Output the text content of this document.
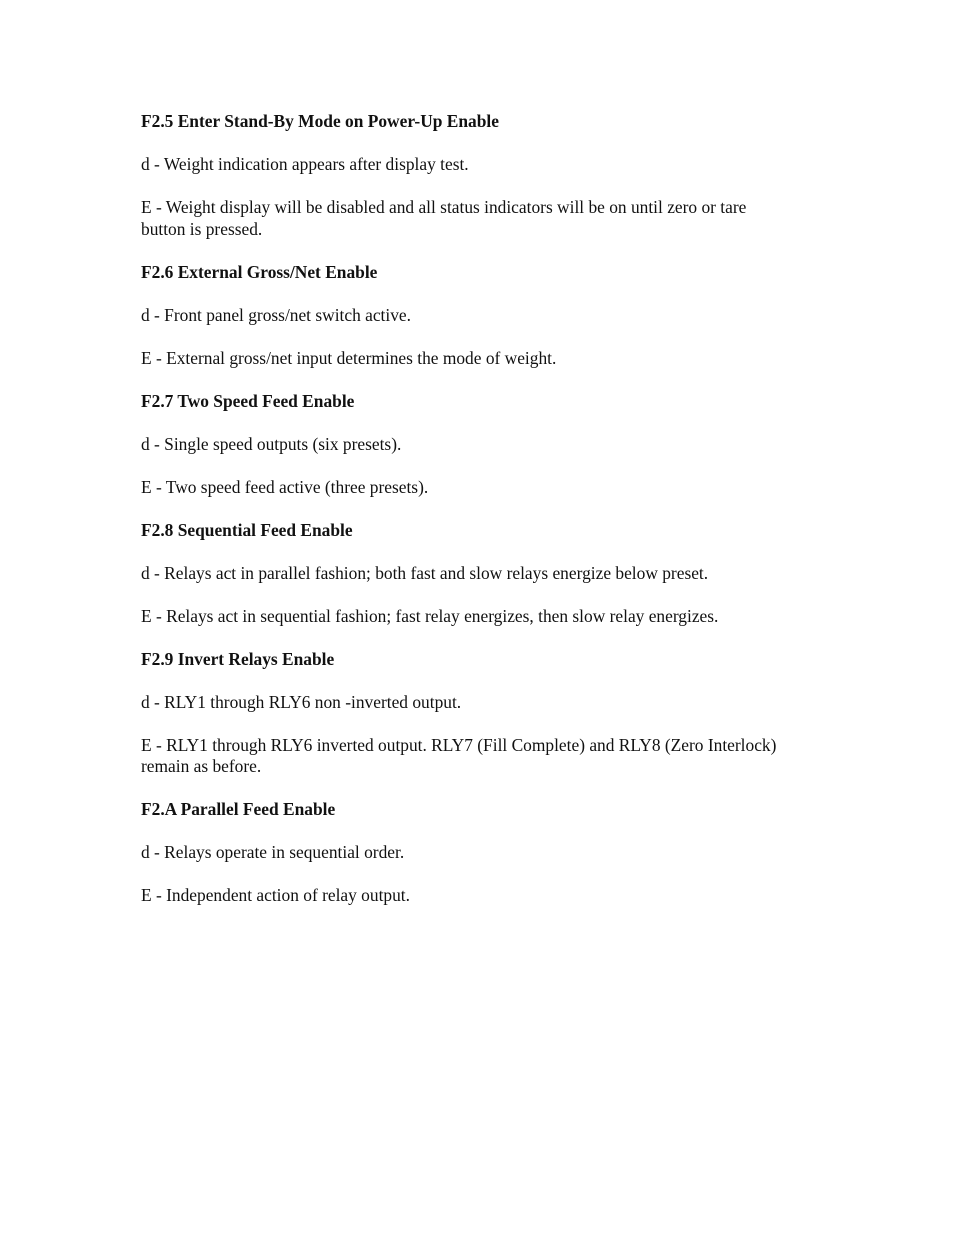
F2.5 Enter Stand-By Mode on Power-Up Enable

d - Weight indication appears after display test.

E - Weight display will be disabled and all status indicators will be on until zero or tare button is pressed.

F2.6 External Gross/Net Enable

d - Front panel gross/net switch active.

E - External gross/net input determines the mode of weight.

F2.7 Two Speed Feed Enable

d - Single speed outputs (six presets).

E - Two speed feed active (three presets).

F2.8 Sequential Feed Enable

d - Relays act in parallel fashion; both fast and slow relays energize below preset.

E - Relays act in sequential fashion; fast relay energizes, then slow relay energizes.

F2.9 Invert Relays Enable

d - RLY1 through RLY6 non -inverted output.

E - RLY1 through RLY6 inverted output. RLY7 (Fill Complete) and RLY8 (Zero Interlock) remain as before.

F2.A Parallel Feed Enable

d - Relays operate in sequential order.

E - Independent action of relay output.
